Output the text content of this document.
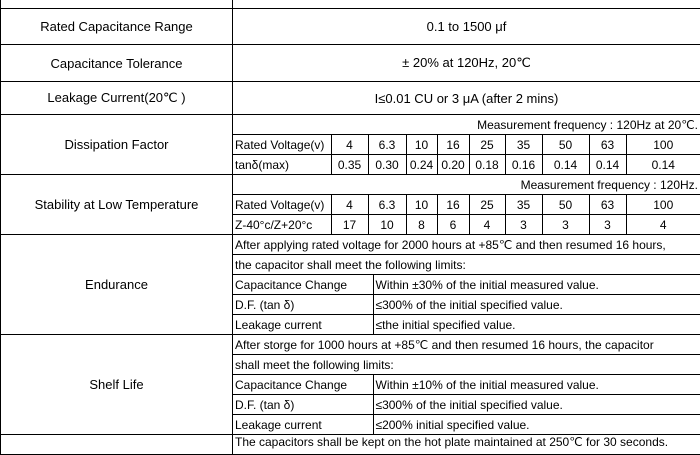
Rated Capacitance Range	0.1 to 1500 μf
Capacitance Tolerance	± 20% at 120Hz, 20℃
Leakage Current(20℃ )	I≤0.01 CU or 3 μA (after 2 mins)
Dissipation Factor	
Measurement frequency : 120Hz at 20℃.
Rated Voltage(v)	4	6.3	10	16	25	35	50	63	100
tanδ(max)	0.35	0.30	0.24	0.20	0.18	0.16	0.14	0.14	0.14

Stability at Low Temperature	
Measurement frequency : 120Hz.
Rated Voltage(v)	4	6.3	10	16	25	35	50	63	100
Z-40°c/Z+20°c	17	10	8	6	4	3	3	3	4

Endurance	
After applying rated voltage for 2000 hours at +85℃ and then resumed 16 hours,
the capacitor shall meet the following limits:
Capacitance Change	Within ±30% of the initial measured value.
D.F. (tan δ)	≤300% of the initial specified value.
Leakage current	≤the initial specified value.

Shelf Life	
After storge for 1000 hours at +85℃ and then resumed 16 hours, the capacitor
shall meet the following limits:
Capacitance Change	Within ±10% of the initial measured value.
D.F. (tan δ)	≤300% of the initial specified value.
Leakage current	≤200% initial specified value.

	The capacitors shall be kept on the hot plate maintained at 250℃ for 30 seconds.
